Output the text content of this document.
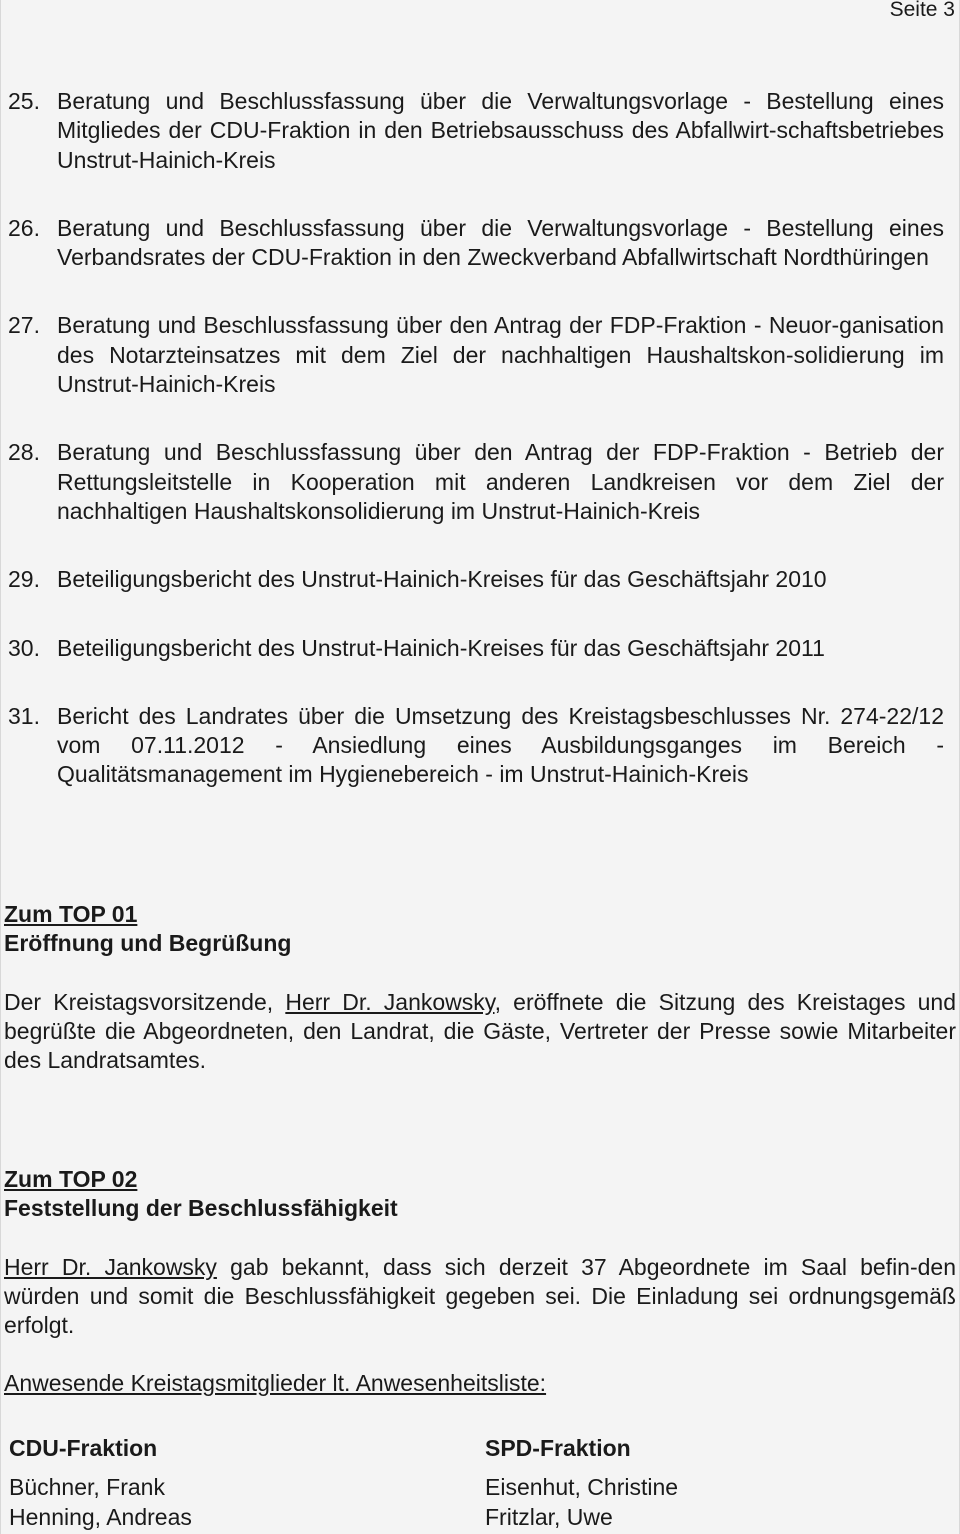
Seite 3
25. Beratung und Beschlussfassung über die Verwaltungsvorlage - Bestellung eines Mitgliedes der CDU-Fraktion in den Betriebsausschuss des Abfallwirt-schaftsbetriebes Unstrut-Hainich-Kreis
26. Beratung und Beschlussfassung über die Verwaltungsvorlage - Bestellung eines Verbandsrates der CDU-Fraktion in den Zweckverband Abfallwirtschaft Nordthüringen
27. Beratung und Beschlussfassung über den Antrag der FDP-Fraktion - Neuor-ganisation des Notarzteinsatzes mit dem Ziel der nachhaltigen Haushaltskon-solidierung im Unstrut-Hainich-Kreis
28. Beratung und Beschlussfassung über den Antrag der FDP-Fraktion - Betrieb der Rettungsleitstelle in Kooperation mit anderen Landkreisen vor dem Ziel der nachhaltigen Haushaltskonsolidierung im Unstrut-Hainich-Kreis
29. Beteiligungsbericht des Unstrut-Hainich-Kreises für das Geschäftsjahr 2010
30. Beteiligungsbericht des Unstrut-Hainich-Kreises für das Geschäftsjahr 2011
31. Bericht des Landrates über die Umsetzung des Kreistagsbeschlusses Nr. 274-22/12 vom 07.11.2012 - Ansiedlung eines Ausbildungsganges im Bereich - Qualitätsmanagement im Hygienebereich - im Unstrut-Hainich-Kreis
Zum TOP 01
Eröffnung und Begrüßung
Der Kreistagsvorsitzende, Herr Dr. Jankowsky, eröffnete die Sitzung des Kreistages und begrüßte die Abgeordneten, den Landrat, die Gäste, Vertreter der Presse sowie Mitarbeiter des Landratsamtes.
Zum TOP 02
Feststellung der Beschlussfähigkeit
Herr Dr. Jankowsky gab bekannt, dass sich derzeit 37 Abgeordnete im Saal befin-den würden und somit die Beschlussfähigkeit gegeben sei. Die Einladung sei ordnungsgemäß erfolgt.
Anwesende Kreistagsmitglieder lt. Anwesenheitsliste:
CDU-Fraktion
Büchner, Frank
Henning, Andreas
SPD-Fraktion
Eisenhut, Christine
Fritzlar, Uwe
